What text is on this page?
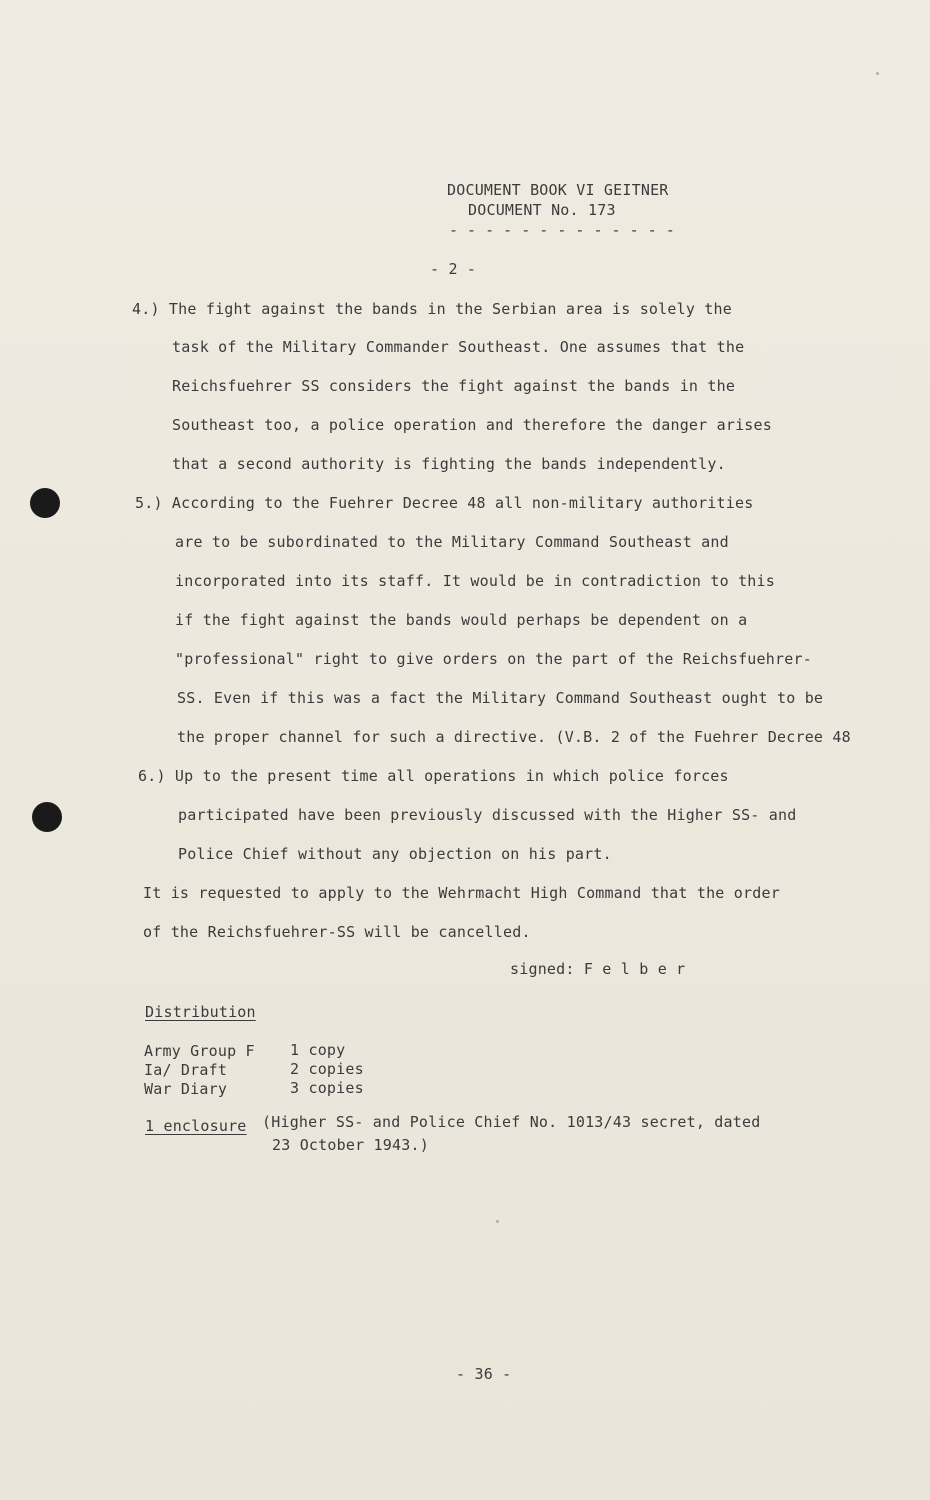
DOCUMENT BOOK VI GEITNER
DOCUMENT No. 173
- - - - - - - - - - - - -
- 2 -
4.) The fight against the bands in the Serbian area is solely the
task of the Military Commander Southeast. One assumes that the
Reichsfuehrer SS considers the fight against the bands in the
Southeast too, a police operation and therefore the danger arises
that a second authority is fighting the bands independently.
5.) According to the Fuehrer Decree 48 all non-military authorities
are to be subordinated to the Military Command Southeast and
incorporated into its staff. It would be in contradiction to this
if the fight against the bands would perhaps be dependent on a
"professional" right to give orders on the part of the Reichsfuehrer-
SS. Even if this was a fact the Military Command Southeast ought to be
the proper channel for such a directive. (V.B. 2 of the Fuehrer Decree 48
6.) Up to the present time all operations in which police forces
participated have been previously discussed with the Higher SS- and
Police Chief without any objection on his part.
It is requested to apply to the Wehrmacht High Command that the order
of the Reichsfuehrer-SS will be cancelled.
signed: F e l b e r
Distribution
Army Group F 1 copy
Ia/ Draft	2 copies
War Diary	3 copies
1 enclosure (Higher SS- and Police Chief No. 1013/43 secret, dated
23 October 1943.)
- 36 -
